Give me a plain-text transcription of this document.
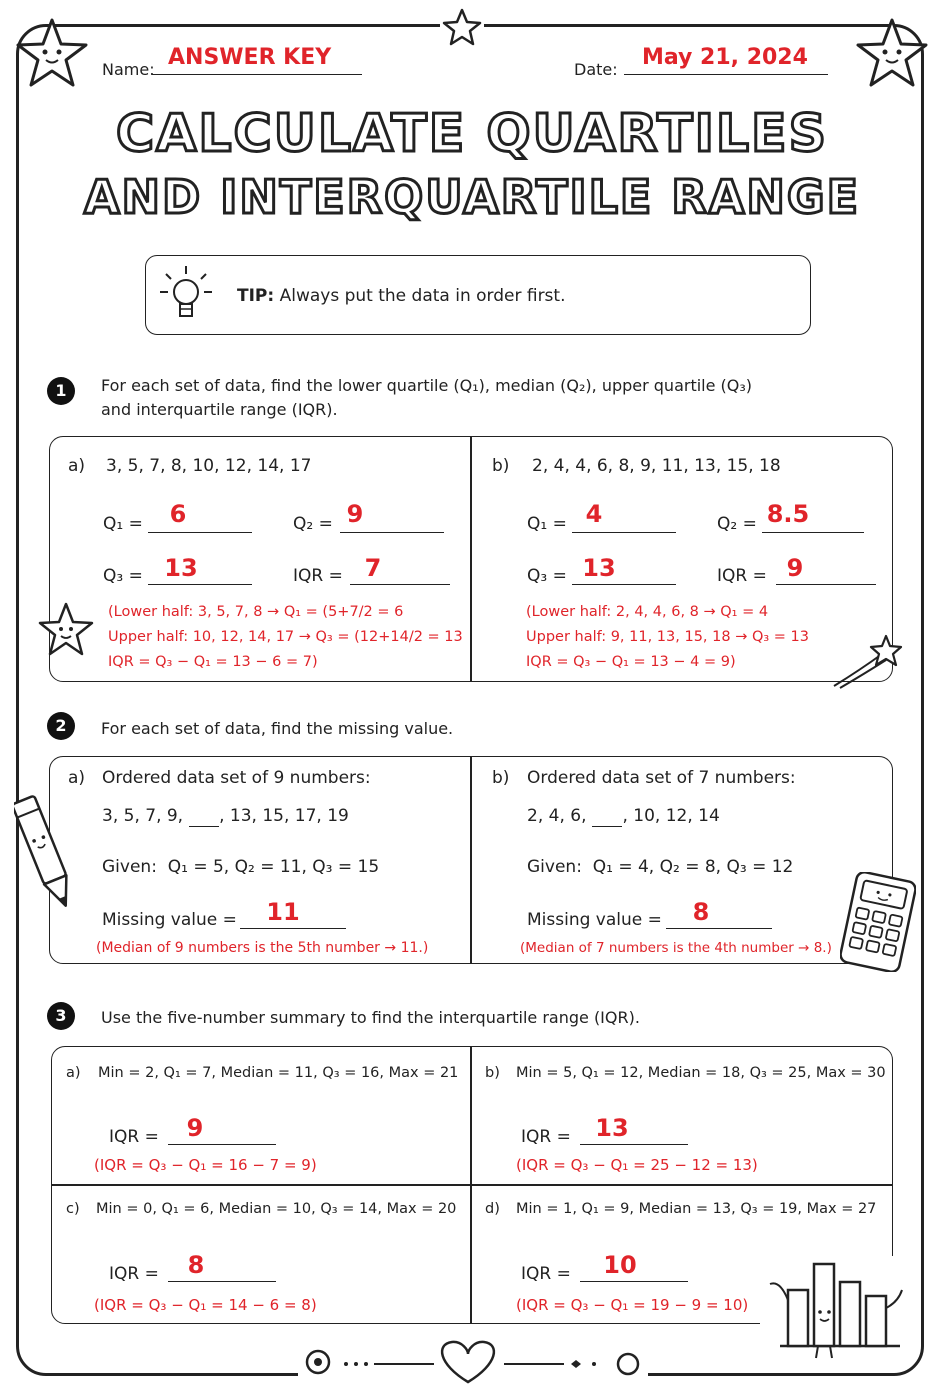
Name: ANSWER KEY	Date: May 21, 2024
CALCULATE QUARTILES
AND INTERQUARTILE RANGE
TIP: Always put the data in order first.
1	For each set of data, find the lower quartile (Q₁), median (Q₂), upper quartile (Q₃)
and interquartile range (IQR).
a) 3, 5, 7, 8, 10, 12, 14, 17
Q₁ =	6	Q₂ = 9
Q₃ = 13	IQR = 7
(Lower half: 3, 5, 7, 8 → Q₁ = (5+7/2 = 6
Upper half: 10, 12, 14, 17 → Q₃ = (12+14/2 = 13
IQR = Q₃ − Q₁ = 13 − 6 = 7)
b) 2, 4, 4, 6, 8, 9, 11, 13, 15, 18
Q₁ = 4	Q₂ = 8.5
Q₃ = 13	IQR = 9
(Lower half: 2, 4, 4, 6, 8 → Q₁ = 4
Upper half: 9, 11, 13, 15, 18 → Q₃ = 13
IQR = Q₃ − Q₁ = 13 − 4 = 9)
2	For each set of data, find the missing value.
a) Ordered data set of 9 numbers:
3, 5, 7, 9, , 13, 15, 17, 19
Given: Q₁ = 5, Q₂ = 11, Q₃ = 15
Missing value =	11
(Median of 9 numbers is the 5th number → 11.)
b) Ordered data set of 7 numbers:
2, 4, 6, , 10, 12, 14
Given: Q₁ = 4, Q₂ = 8, Q₃ = 12
Missing value =	8
(Median of 7 numbers is the 4th number → 8.)
3	Use the five-number summary to find the interquartile range (IQR).
a) Min = 2, Q₁ = 7, Median = 11, Q₃ = 16, Max = 21
IQR =	9
(IQR = Q₃ − Q₁ = 16 − 7 = 9)
b) Min = 5, Q₁ = 12, Median = 18, Q₃ = 25, Max = 30
IQR =	13
(IQR = Q₃ − Q₁ = 25 − 12 = 13)
c) Min = 0, Q₁ = 6, Median = 10, Q₃ = 14, Max = 20
IQR =	8
(IQR = Q₃ − Q₁ = 14 − 6 = 8)
d) Min = 1, Q₁ = 9, Median = 13, Q₃ = 19, Max = 27
IQR =	10
(IQR = Q₃ − Q₁ = 19 − 9 = 10)
